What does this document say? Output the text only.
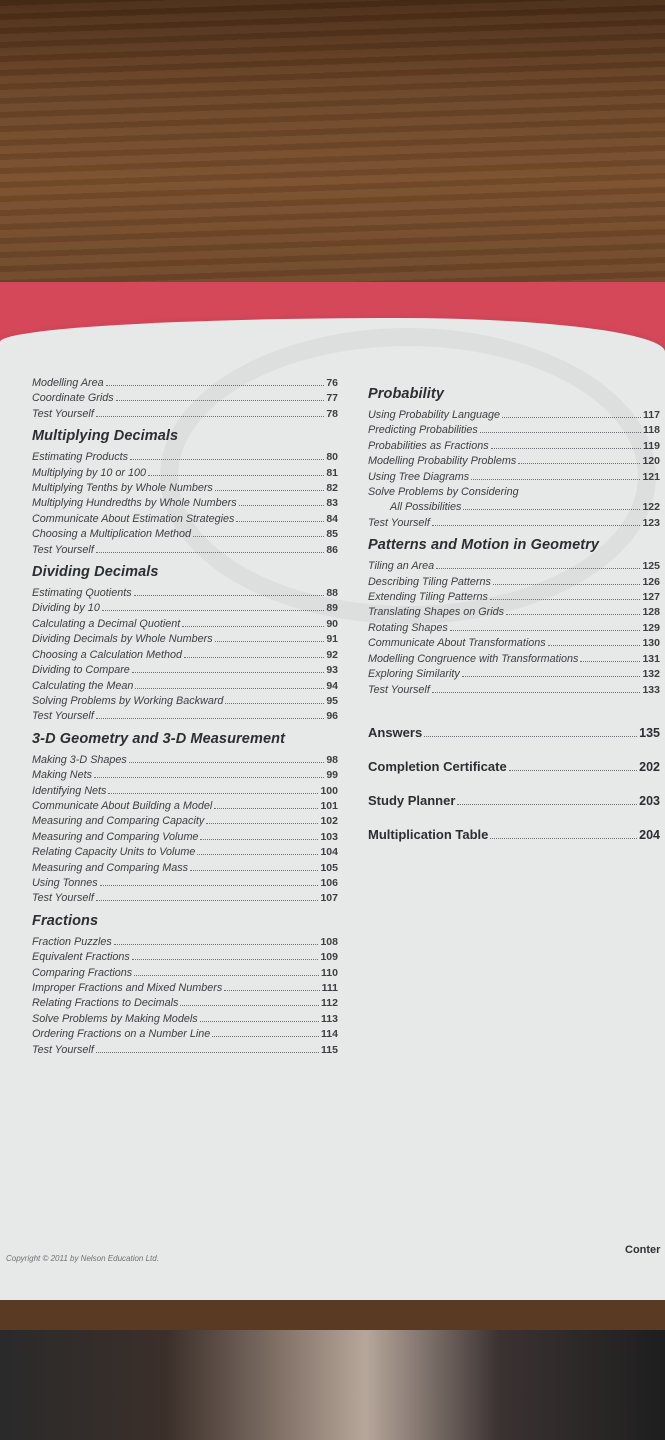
Modelling Area	76
Coordinate Grids	77
Test Yourself	78
Multiplying Decimals
Estimating Products	80
Multiplying by 10 or 100	81
Multiplying Tenths by Whole Numbers	82
Multiplying Hundredths by Whole Numbers	83
Communicate About Estimation Strategies	84
Choosing a Multiplication Method	85
Test Yourself	86
Dividing Decimals
Estimating Quotients	88
Dividing by 10	89
Calculating a Decimal Quotient	90
Dividing Decimals by Whole Numbers	91
Choosing a Calculation Method	92
Dividing to Compare	93
Calculating the Mean	94
Solving Problems by Working Backward	95
Test Yourself	96
3-D Geometry and 3-D Measurement
Making 3-D Shapes	98
Making Nets	99
Identifying Nets	100
Communicate About Building a Model	101
Measuring and Comparing Capacity	102
Measuring and Comparing Volume	103
Relating Capacity Units to Volume	104
Measuring and Comparing Mass	105
Using Tonnes	106
Test Yourself	107
Fractions
Fraction Puzzles	108
Equivalent Fractions	109
Comparing Fractions	110
Improper Fractions and Mixed Numbers	111
Relating Fractions to Decimals	112
Solve Problems by Making Models	113
Ordering Fractions on a Number Line	114
Test Yourself	115
Probability
Using Probability Language	117
Predicting Probabilities	118
Probabilities as Fractions	119
Modelling Probability Problems	120
Using Tree Diagrams	121
Solve Problems by Considering
All Possibilities	122
Test Yourself	123
Patterns and Motion in Geometry
Tiling an Area	125
Describing Tiling Patterns	126
Extending Tiling Patterns	127
Translating Shapes on Grids	128
Rotating Shapes	129
Communicate About Transformations	130
Modelling Congruence with Transformations	131
Exploring Similarity	132
Test Yourself	133
Answers	135
Completion Certificate	202
Study Planner	203
Multiplication Table	204
Copyright © 2011 by Nelson Education Ltd.
Conter
